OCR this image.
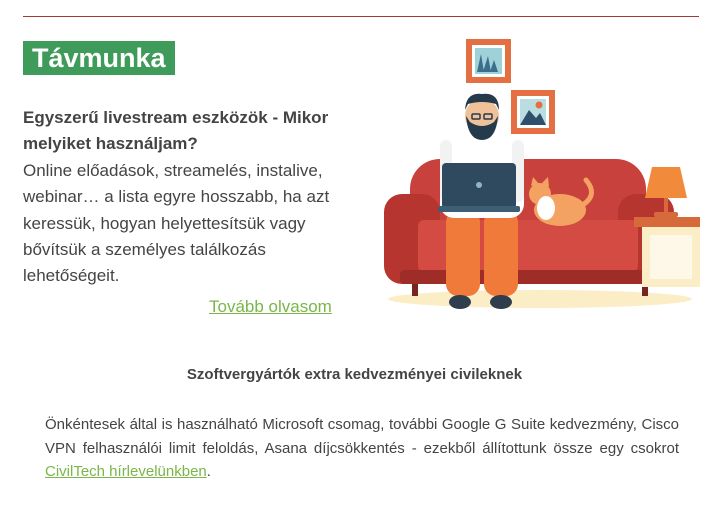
Távmunka
Egyszerű livestream eszközök - Mikor melyiket használjam?
Online előadások, streamelés, instalive, webinar… a lista egyre hosszabb, ha azt keressük, hogyan helyettesítsük vagy bővítsük a személyes találkozás lehetőségeit.
Tovább olvasom
Szoftvergyártók extra kedvezményei civileknek
Önkéntesek által is használható Microsoft csomag, további Google G Suite kedvezmény, Cisco VPN felhasználói limit feloldás, Asana díjcsökkentés - ezekből állítottunk össze egy csokrot CivilTech hírlevelünkben.
